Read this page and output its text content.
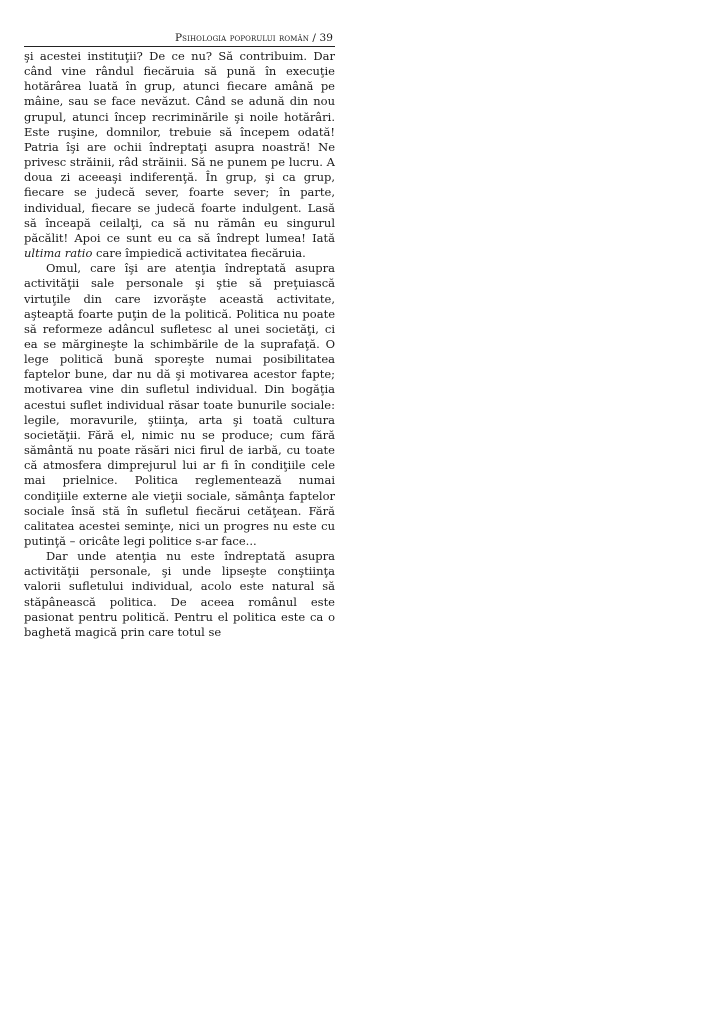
Psihologia poporului român / 39

şi acestei instituţii? De ce nu? Să contribuim. Dar când vine rândul fiecăruia să pună în execuţie hotărârea luată în grup, atunci fiecare amână pe mâine, sau se face nevăzut. Când se adună din nou grupul, atunci încep recriminările şi noile hotărâri. Este ruşine, domnilor, trebuie să începem odată! Patria îşi are ochii îndreptaţi asupra noastră! Ne privesc străinii, râd străinii. Să ne punem pe lucru. A doua zi aceeaşi indiferenţă. În grup, şi ca grup, fiecare se judecă sever, foarte sever; în parte, individual, fiecare se judecă foarte indulgent. Lasă să înceapă ceilalţi, ca să nu rămân eu singurul păcălit! Apoi ce sunt eu ca să îndrept lumea! Iată ultima ratio care împiedică activitatea fiecăruia.

Omul, care îşi are atenţia îndreptată asupra activităţii sale personale şi ştie să preţuiască virtuţile din care izvorăşte această activitate, aşteaptă foarte puţin de la politică. Politica nu poate să reformeze adâncul sufletesc al unei societăţi, ci ea se mărgineşte la schimbările de la suprafaţă. O lege politică bună sporeşte numai posibilitatea faptelor bune, dar nu dă şi motivarea acestor fapte; motivarea vine din sufletul individual. Din bogăţia acestui suflet individual răsar toate bunurile sociale: legile, moravurile, ştiinţa, arta şi toată cultura societăţii. Fără el, nimic nu se produce; cum fără sământă nu poate răsări nici firul de iarbă, cu toate că atmosfera dimprejurul lui ar fi în condiţiile cele mai prielnice. Politica reglementează numai condiţiile externe ale vieţii sociale, sămânţa faptelor sociale însă stă în sufletul fiecărui cetăţean. Fără calitatea acestei seminţe, nici un progres nu este cu putinţă – oricâte legi politice s-ar face...

Dar unde atenţia nu este îndreptată asupra activităţii personale, şi unde lipseşte conştiinţa valorii sufletului individual, acolo este natural să stăpânească politica. De aceea românul este pasionat pentru politică. Pentru el politica este ca o baghetă magică prin care totul se
